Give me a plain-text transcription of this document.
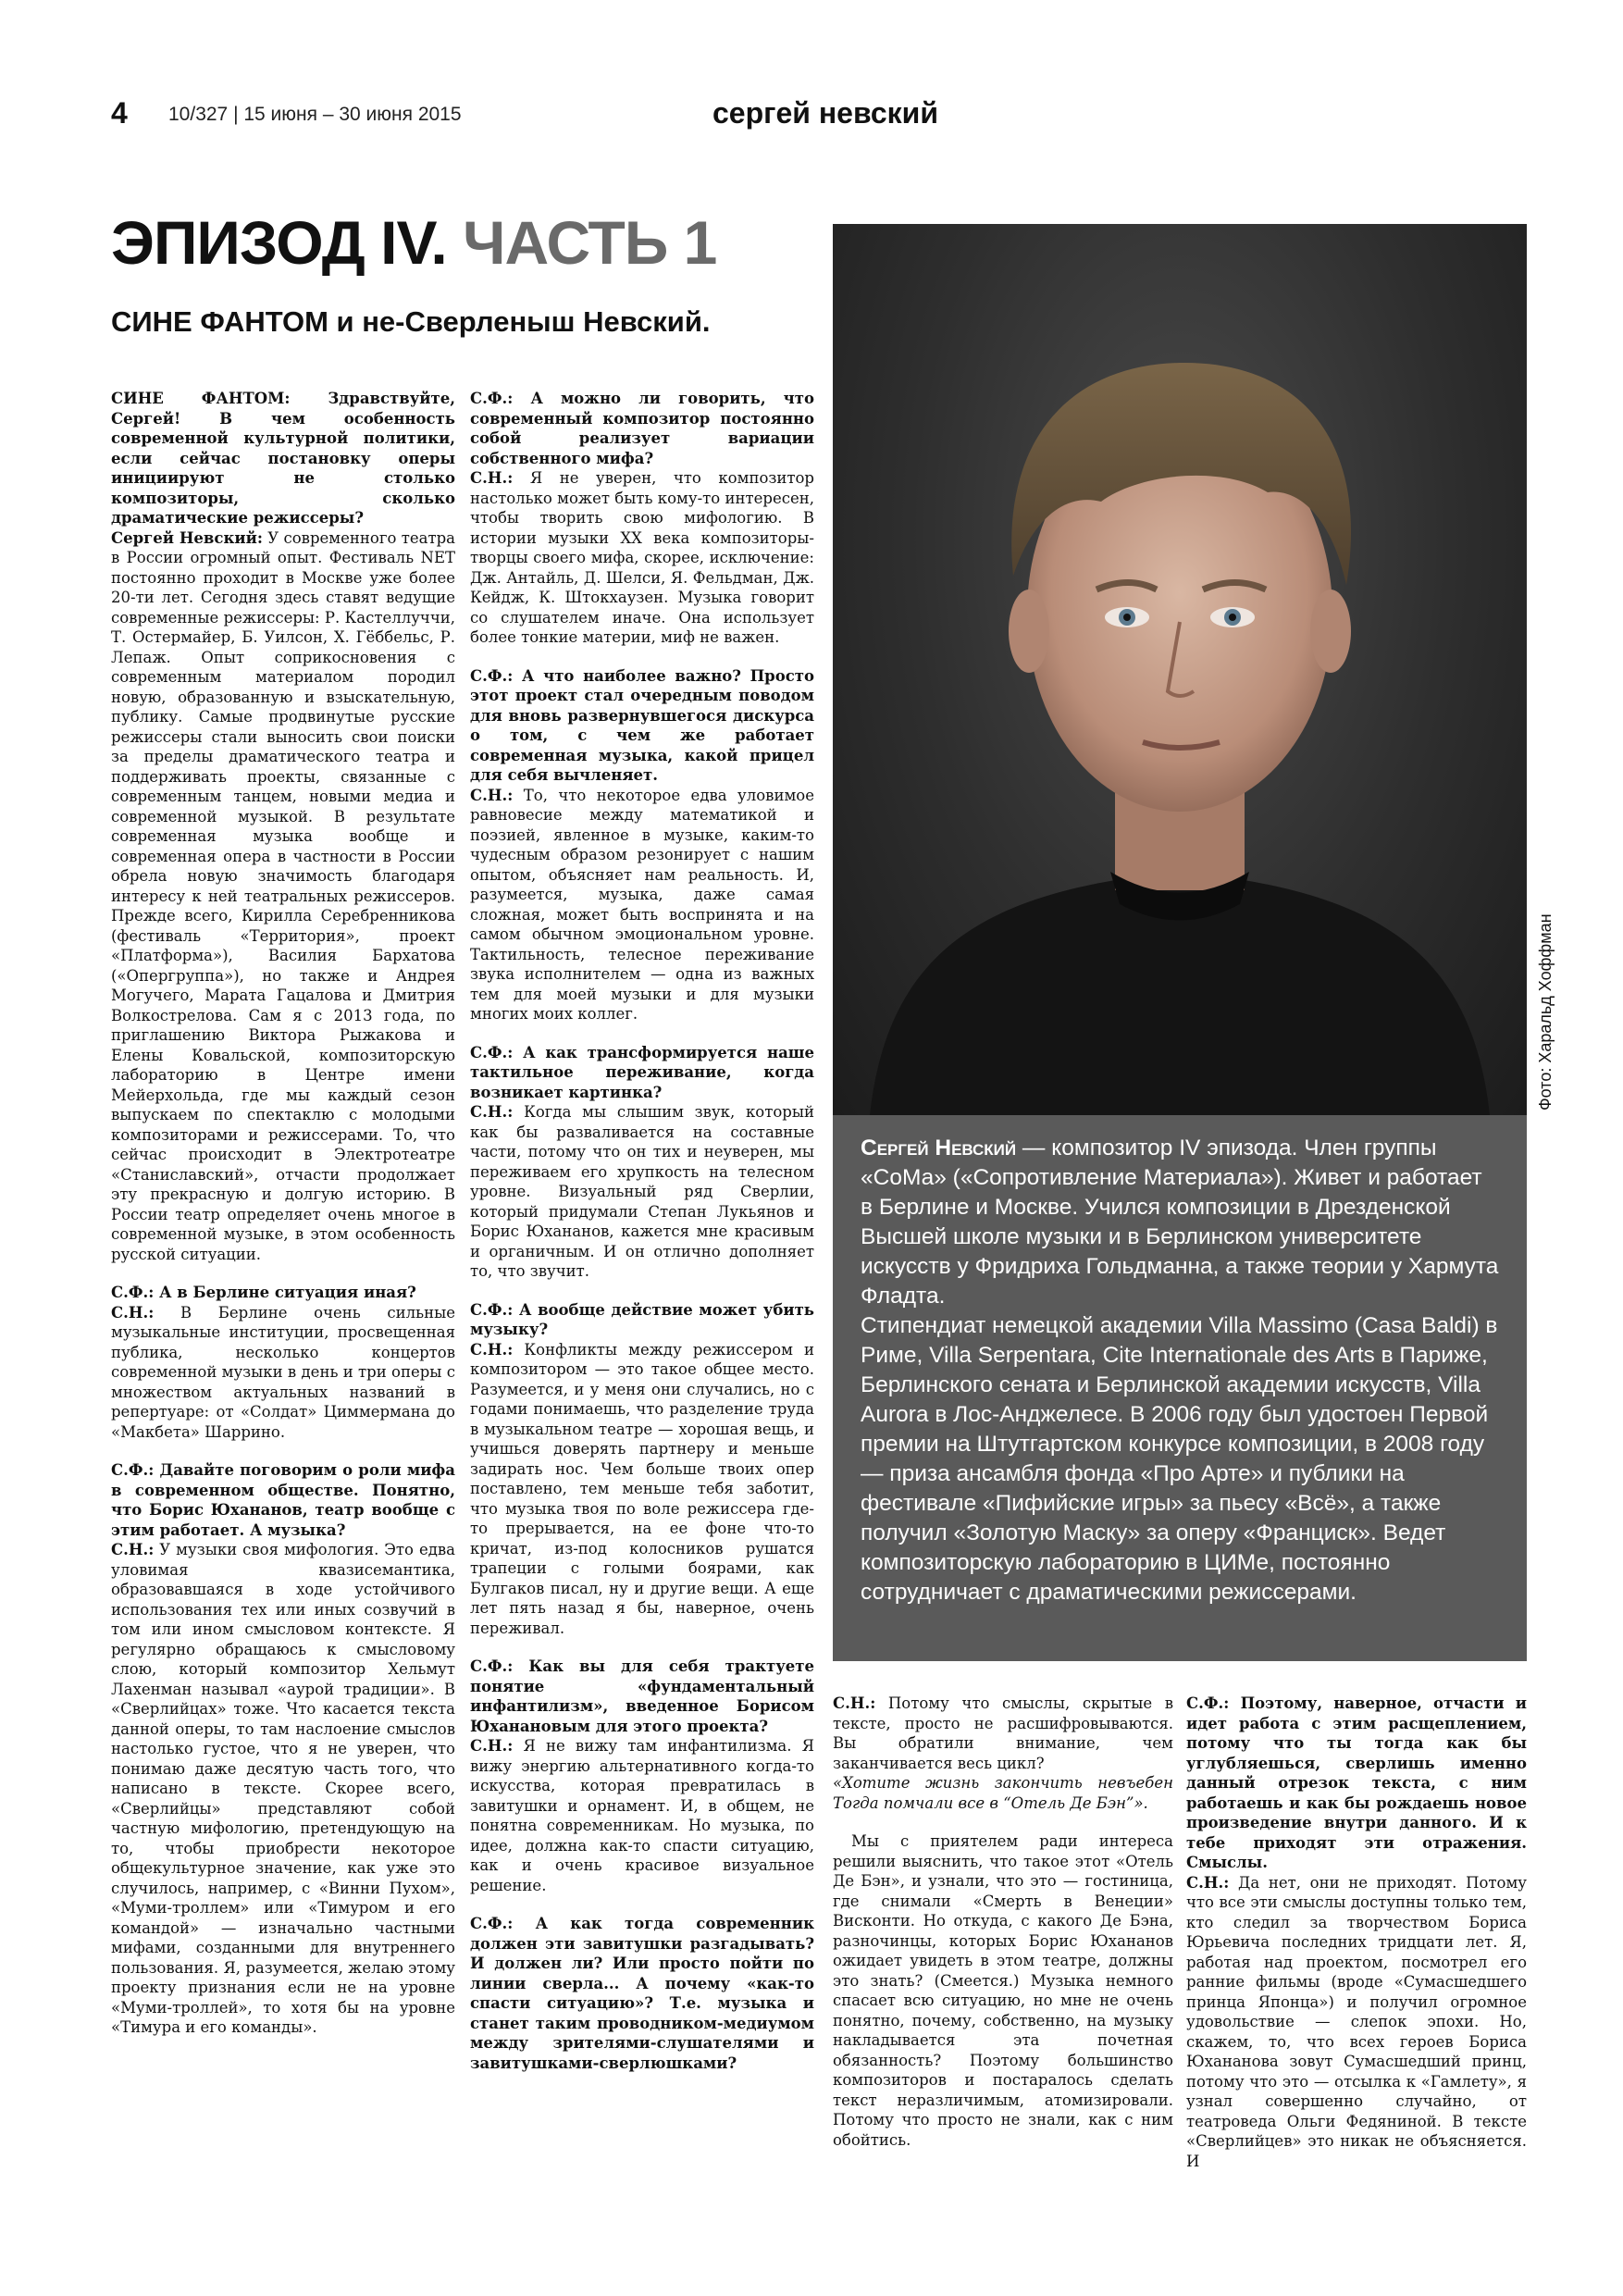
4 10/327 | 15 июня – 30 июня 2015	сергей невский
ЭПИЗОД IV. ЧАСТЬ 1
СИНЕ ФАНТОМ и не-Сверленыш Невский.

СИНЕ ФАНТОМ: Здравствуйте, Сергей! В чем особенность современной культурной политики, если сейчас постановку оперы инициируют не столько композиторы, сколько драматические режиссеры?
Сергей Невский: У современного театра в России огромный опыт. Фестиваль NET постоянно проходит в Москве уже более 20-ти лет. Сегодня здесь ставят ведущие современные режиссеры: Р. Кастеллуччи, Т. Остермайер, Б. Уилсон, Х. Гёббельс, Р. Лепаж. Опыт соприкосновения с современным материалом породил новую, образованную и взыскательную, публику. Самые продвинутые русские режиссеры стали выносить свои поиски за пределы драматического театра и поддерживать проекты, связанные с современным танцем, новыми медиа и современной музыкой. В результате современная музыка вообще и современная опера в частности в России обрела новую значимость благодаря интересу к ней театральных режиссеров. Прежде всего, Кирилла Серебренникова (фестиваль «Территория», проект «Платформа»), Василия Бархатова («Опергруппа»), но также и Андрея Могучего, Марата Гацалова и Дмитрия Волкострелова. Сам я с 2013 года, по приглашению Виктора Рыжакова и Елены Ковальской, композиторскую лабораторию в Центре имени Мейерхольда, где мы каждый сезон выпускаем по спектаклю с молодыми композиторами и режиссерами. То, что сейчас происходит в Электротеатре «Станиславский», отчасти продолжает эту прекрасную и долгую историю. В России театр определяет очень многое в современной музыке, в этом особенность русской ситуации.

С.Ф.: А в Берлине ситуация иная?
С.Н.: В Берлине очень сильные музыкальные институции, просвещенная публика, несколько концертов современной музыки в день и три оперы с множеством актуальных названий в репертуаре: от «Солдат» Циммермана до «Макбета» Шаррино.

С.Ф.: Давайте поговорим о роли мифа в современном обществе. Понятно, что Борис Юхананов, театр вообще с этим работает. А музыка?
С.Н.: У музыки своя мифология. Это едва уловимая квазисемантика, образовавшаяся в ходе устойчивого использования тех или иных созвучий в том или ином смысловом контексте. Я регулярно обращаюсь к смысловому слою, который композитор Хельмут Лахенман называл «аурой традиции». В «Сверлийцах» тоже. Что касается текста данной оперы, то там наслоение смыслов настолько густое, что я не уверен, что понимаю даже десятую часть того, что написано в тексте. Скорее всего, «Сверлийцы» представляют собой частную мифологию, претендующую на то, чтобы приобрести некоторое общекультурное значение, как уже это случилось, например, с «Винни Пухом», «Муми-троллем» или «Тимуром и его командой» — изначально частными мифами, созданными для внутреннего пользования. Я, разумеется, желаю этому проекту признания если не на уровне «Муми-троллей», то хотя бы на уровне «Тимура и его команды».

С.Ф.: А можно ли говорить, что современный композитор постоянно собой реализует вариации собственного мифа?
С.Н.: Я не уверен, что композитор настолько может быть кому-то интересен, чтобы творить свою мифологию. В истории музыки XX века композиторы-творцы своего мифа, скорее, исключение: Дж. Антайль, Д. Шелси, Я. Фельдман, Дж. Кейдж, К. Штокхаузен. Музыка говорит со слушателем иначе. Она использует более тонкие материи, миф не важен.

С.Ф.: А что наиболее важно? Просто этот проект стал очередным поводом для вновь развернувшегося дискурса о том, с чем же работает современная музыка, какой прицел для себя вычленяет.
С.Н.: То, что некоторое едва уловимое равновесие между математикой и поэзией, явленное в музыке, каким-то чудесным образом резонирует с нашим опытом, объясняет нам реальность. И, разумеется, музыка, даже самая сложная, может быть воспринята и на самом обычном эмоциональном уровне. Тактильность, телесное переживание звука исполнителем — одна из важных тем для моей музыки и для музыки многих моих коллег.

С.Ф.: А как трансформируется наше тактильное переживание, когда возникает картинка?
С.Н.: Когда мы слышим звук, который как бы разваливается на составные части, потому что он тих и неуверен, мы переживаем его хрупкость на телесном уровне. Визуальный ряд Сверлии, который придумали Степан Лукьянов и Борис Юхананов, кажется мне красивым и органичным. И он отлично дополняет то, что звучит.

С.Ф.: А вообще действие может убить музыку?
С.Н.: Конфликты между режиссером и композитором — это такое общее место. Разумеется, и у меня они случались, но с годами понимаешь, что разделение труда в музыкальном театре — хорошая вещь, и учишься доверять партнеру и меньше задирать нос. Чем больше твоих опер поставлено, тем меньше тебя заботит, что музыка твоя по воле режиссера где-то прерывается, на ее фоне что-то кричат, из-под колосников рушатся трапеции с голыми боярами, как Булгаков писал, ну и другие вещи. А еще лет пять назад я бы, наверное, очень переживал.

С.Ф.: Как вы для себя трактуете понятие «фундаментальный инфантилизм», введенное Борисом Юханановым для этого проекта?
С.Н.: Я не вижу там инфантилизма. Я вижу энергию альтернативного когда-то искусства, которая превратилась в завитушки и орнамент. И, в общем, не понятна современникам. Но музыка, по идее, должна как-то спасти ситуацию, как и очень красивое визуальное решение.

С.Ф.: А как тогда современник должен эти завитушки разгадывать? И должен ли? Или просто пойти по линии сверла... А почему «как-то спасти ситуацию»? Т.е. музыка и станет таким проводником-медиумом между зрителями-слушателями и завитушками-сверлюшками?

Фото: Харальд Хоффман

Сергей Невский — композитор IV эпизода. Член группы «СоМа» («Сопротивление Материала»). Живет и работает в Берлине и Москве. Учился композиции в Дрезденской Высшей школе музыки и в Берлинском университете искусств у Фридриха Гольдманна, а также теории у Хармута Фладта.

Стипендиат немецкой академии Villa Massimo (Casa Baldi) в Риме, Villa Serpentara, Cite Internationale des Arts в Париже, Берлинского сената и Берлинской академии искусств, Villa Aurora в Лос-Анджелесе. В 2006 году был удостоен Первой премии на Штутгартском конкурсе композиции, в 2008 году — приза ансамбля фонда «Про Арте» и публики на фестивале «Пифийские игры» за пьесу «Всё», а также получил «Золотую Маску» за оперу «Франциск». Ведет композиторскую лабораторию в ЦИМе, постоянно сотрудничает с драматическими режиссерами.

С.Н.: Потому что смыслы, скрытые в тексте, просто не расшифровываются. Вы обратили внимание, чем заканчивается весь цикл?
«Хотите жизнь закончить невъебен Тогда помчали все в “Отель Де Бэн”».

Мы с приятелем ради интереса решили выяснить, что такое этот «Отель Де Бэн», и узнали, что это — гостиница, где снимали «Смерть в Венеции» Висконти. Но откуда, с какого Де Бэна, разночинцы, которых Борис Юхананов ожидает увидеть в этом театре, должны это знать? (Смеется.) Музыка немного спасает всю ситуацию, но мне не очень понятно, почему, собственно, на музыку накладывается эта почетная обязанность? Поэтому большинство композиторов и постаралось сделать текст неразличимым, атомизировали. Потому что просто не знали, как с ним обойтись.

С.Ф.: Поэтому, наверное, отчасти и идет работа с этим расщеплением, потому что ты тогда как бы углубляешься, сверлишь именно данный отрезок текста, с ним работаешь и как бы рождаешь новое произведение внутри данного. И к тебе приходят эти отражения. Смыслы.
С.Н.: Да нет, они не приходят. Потому что все эти смыслы доступны только тем, кто следил за творчеством Бориса Юрьевича последних тридцати лет. Я, работая над проектом, посмотрел его ранние фильмы (вроде «Сумасшедшего принца Японца») и получил огромное удовольствие — слепок эпохи. Но, скажем, то, что всех героев Бориса Юханановa зовут Сумасшедший принц, потому что это — отсылка к «Гамлету», я узнал совершенно случайно, от театроведа Ольги Федяниной. В тексте «Сверлийцев» это никак не объясняется. И
